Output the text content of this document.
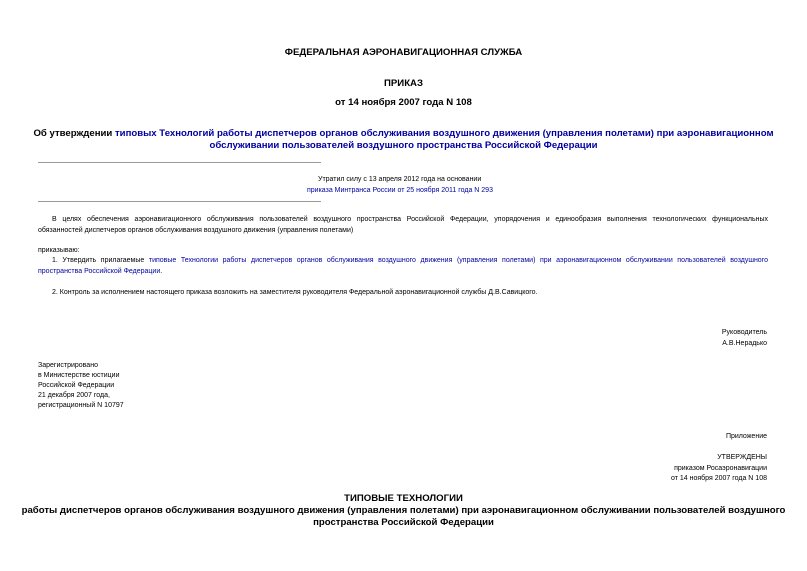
ФЕДЕРАЛЬНАЯ АЭРОНАВИГАЦИОННАЯ СЛУЖБА
ПРИКАЗ
от 14 ноября 2007 года N 108
Об утверждении типовых Технологий работы диспетчеров органов обслуживания воздушного движения (управления полетами) при аэронавигационном
обслуживании пользователей воздушного пространства Российской Федерации
Утратил силу с 13 апреля 2012 года на основании
приказа Минтранса России от 25 ноября 2011 года N 293
В целях обеспечения аэронавигационного обслуживания пользователей воздушного пространства Российской Федерации, упорядочения и единообразия выполнения технологических функциональных
обязанностей диспетчеров органов обслуживания воздушного движения (управления полетами)
приказываю:
1. Утвердить прилагаемые типовые Технологии работы диспетчеров органов обслуживания воздушного движения (управления полетами) при аэронавигационном обслуживании пользователей воздушного
пространства Российской Федерации.
2. Контроль за исполнением настоящего приказа возложить на заместителя руководителя Федеральной аэронавигационной службы Д.В.Савицкого.
Руководитель
А.В.Нерадько
Зарегистрировано
в Министерстве юстиции
Российской Федерации
21 декабря 2007 года,
регистрационный N 10797
Приложение
УТВЕРЖДЕНЫ
приказом Росаэронавигации
от 14 ноября 2007 года N 108
ТИПОВЫЕ ТЕХНОЛОГИИ
работы диспетчеров органов обслуживания воздушного движения (управления полетами) при аэронавигационном обслуживании пользователей воздушного
пространства Российской Федерации
